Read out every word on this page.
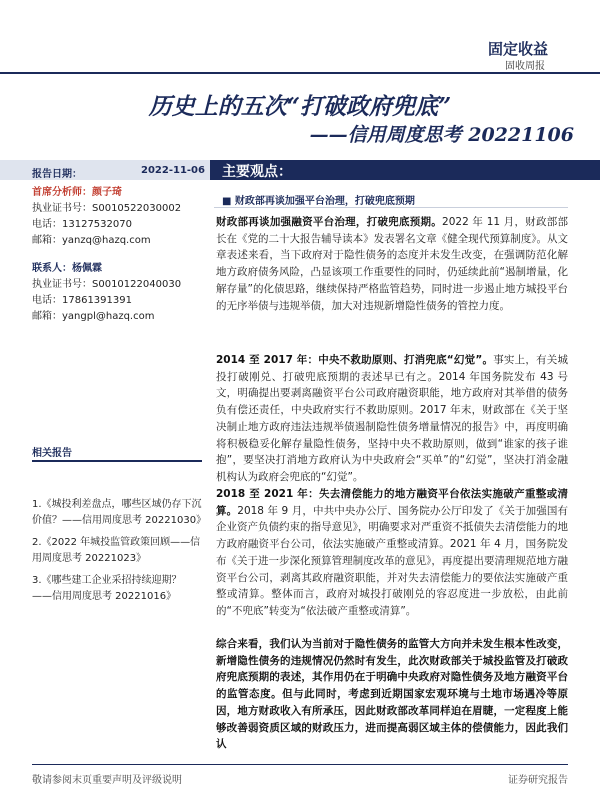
固定收益
固收周报
历史上的五次“打破政府兜底”
——信用周度思考 20221106
报告日期：	2022-11-06 主要观点：
首席分析师：颜子琦
执业证书号：S0010522030002
电话：13127532070
邮箱：yanzq@hazq.com
联系人：杨佩霖
执业证书号：S0010122040030
电话：17861391391
邮箱：yangpl@hazq.com
相关报告
1.《城投利差盘点，哪些区域仍存下沉价值？——信用周度思考 20221030》
2.《2022 年城投监管政策回顾——信用周度思考 20221023》
3.《哪些建工企业采招持续迎期？ ——信用周度思考 20221016》
■ 财政部再谈加强平台治理，打破兜底预期
财政部再谈加强融资平台治理，打破兜底预期。2022 年 11 月，财政部部长在《党的二十大报告辅导读本》发表署名文章《健全现代预算制度》。从文章表述来看，当下政府对于隐性债务的态度并未发生改变，在强调防范化解地方政府债务风险，凸显该项工作重要性的同时，仍延续此前“遏制增量，化解存量”的化债思路，继续保持严格监管趋势，同时进一步遏止地方城投平台的无序举债与违规举债，加大对违规新增隐性债务的管控力度。
2014 至 2017 年：中央不救助原则、打消兜底“幻觉”。事实上，有关城投打破刚兑、打破兜底预期的表述早已有之。2014 年国务院发布 43 号文，明确提出要剥离融资平台公司政府融资职能，地方政府对其举借的债务负有偿还责任，中央政府实行不救助原则。2017 年末，财政部在《关于坚决制止地方政府违法违规举债遏制隐性债务增量情况的报告》中，再度明确将积极稳妥化解存量隐性债务，坚持中央不救助原则，做到“谁家的孩子谁抱”，要坚决打消地方政府认为中央政府会“买单”的“幻觉”，坚决打消金融机构认为政府会兜底的“幻觉”。
2018 至 2021 年：失去清偿能力的地方融资平台依法实施破产重整或清算。2018 年 9 月，中共中央办公厅、国务院办公厅印发了《关于加强国有企业资产负债约束的指导意见》，明确要求对严重资不抵债失去清偿能力的地方政府融资平台公司，依法实施破产重整或清算。2021 年 4 月，国务院发布《关于进一步深化预算管理制度改革的意见》，再度提出要清理规范地方融资平台公司，剥离其政府融资职能，并对失去清偿能力的要依法实施破产重整或清算。整体而言，政府对城投打破刚兑的容忍度进一步放松，由此前的“不兜底”转变为“依法破产重整或清算”。
综合来看，我们认为当前对于隐性债务的监管大方向并未发生根本性改变，新增隐性债务的违规情况仍然时有发生，此次财政部关于城投监管及打破政府兜底预期的表述，其作用仍在于明确中央政府对隐性债务及地方融资平台的监管态度。但与此同时，考虑到近期国家宏观环境与土地市场遇冷等原因，地方财政收入有所承压，因此财政部改革同样迫在眉睫，一定程度上能够改善弱资质区域的财政压力，进而提高弱区域主体的偿债能力，因此我们认
敬请参阅末页重要声明及评级说明	证券研究报告
